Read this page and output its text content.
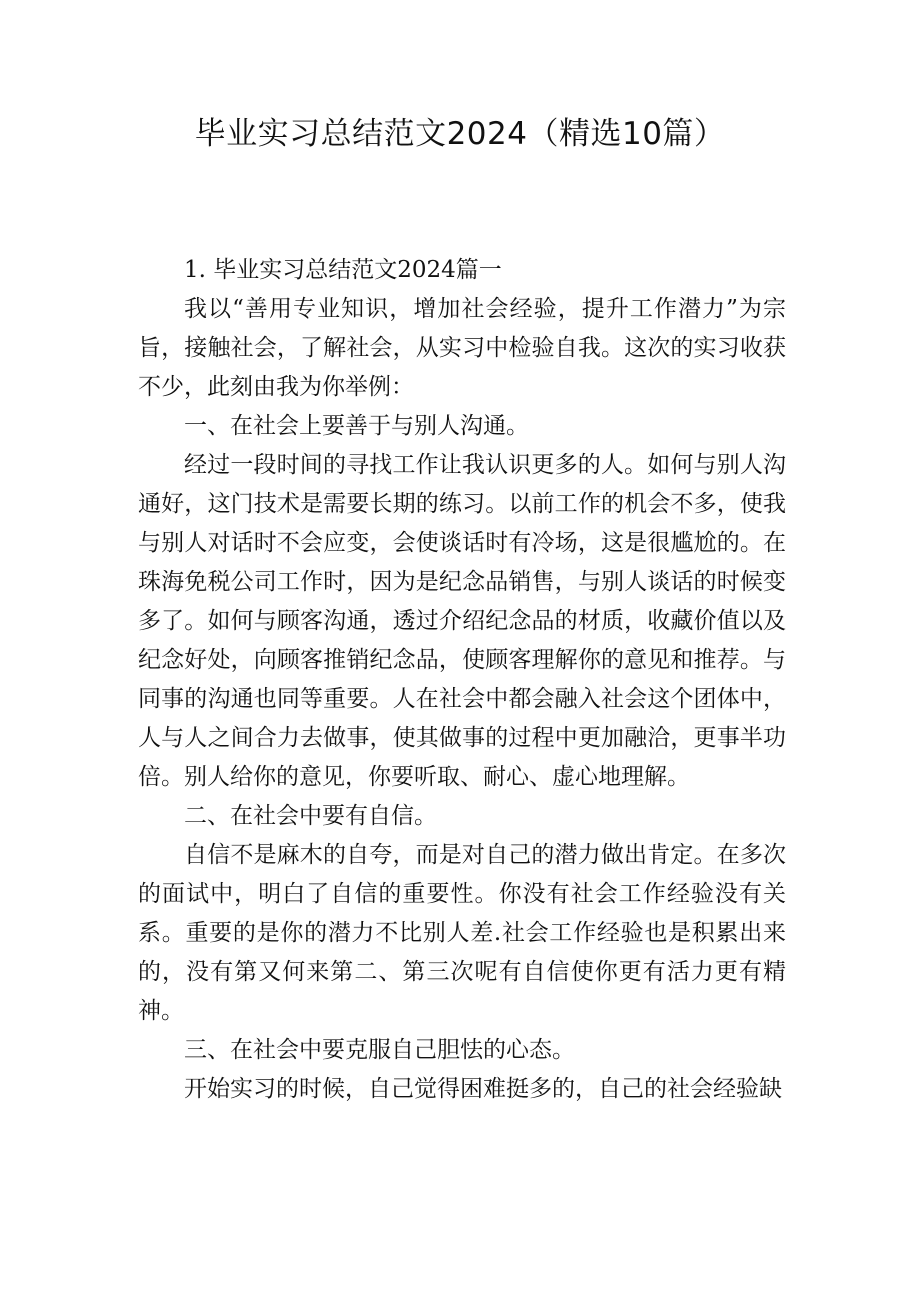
毕业实习总结范文2024（精选10篇）

1. 毕业实习总结范文2024篇一

我以“善用专业知识，增加社会经验，提升工作潜力”为宗旨，接触社会，了解社会，从实习中检验自我。这次的实习收获不少，此刻由我为你举例：

一、在社会上要善于与别人沟通。

经过一段时间的寻找工作让我认识更多的人。如何与别人沟通好，这门技术是需要长期的练习。以前工作的机会不多，使我与别人对话时不会应变，会使谈话时有冷场，这是很尴尬的。在珠海免税公司工作时，因为是纪念品销售，与别人谈话的时候变多了。如何与顾客沟通，透过介绍纪念品的材质，收藏价值以及纪念好处，向顾客推销纪念品，使顾客理解你的意见和推荐。与同事的沟通也同等重要。人在社会中都会融入社会这个团体中，人与人之间合力去做事，使其做事的过程中更加融洽，更事半功倍。别人给你的意见，你要听取、耐心、虚心地理解。

二、在社会中要有自信。

自信不是麻木的自夸，而是对自己的潜力做出肯定。在多次的面试中，明白了自信的重要性。你没有社会工作经验没有关系。重要的是你的潜力不比别人差.社会工作经验也是积累出来的，没有第又何来第二、第三次呢有自信使你更有活力更有精神。

三、在社会中要克服自己胆怯的心态。

开始实习的时候，自己觉得困难挺多的，自己的社会经验缺
